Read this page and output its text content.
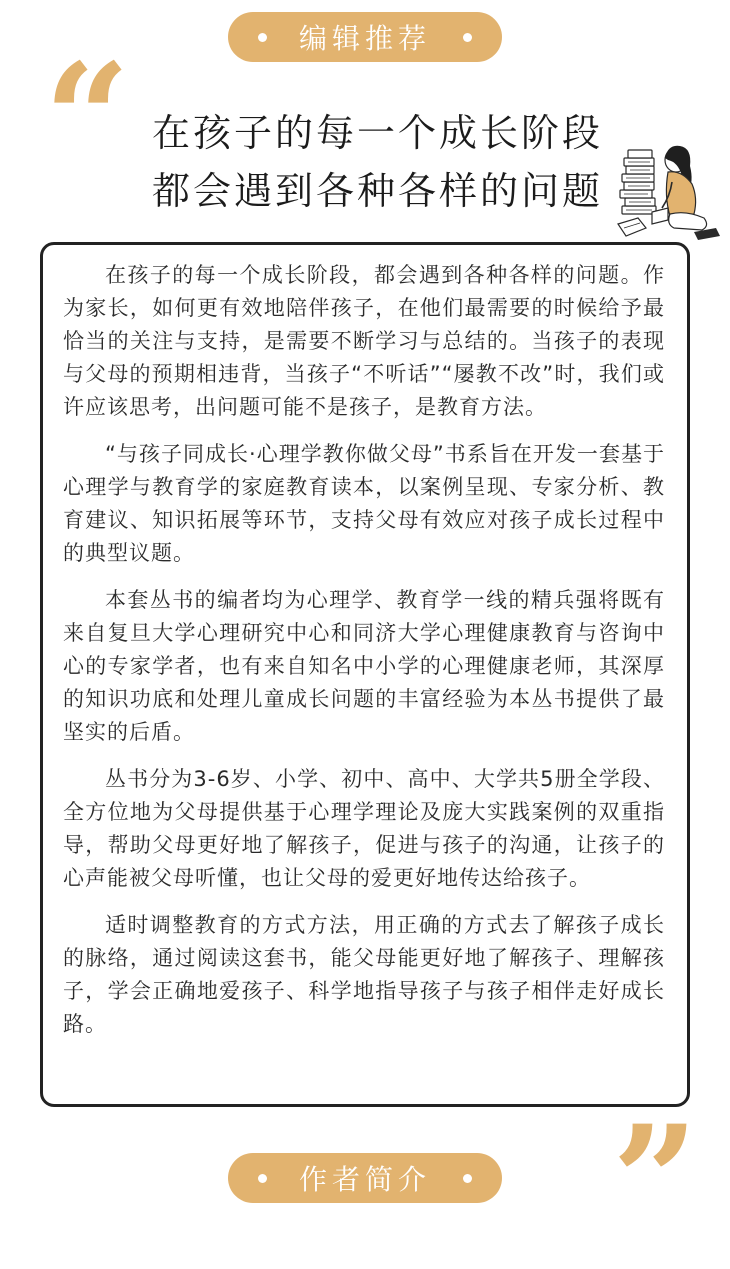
编辑推荐
“ 在孩子的每一个成长阶段
都会遇到各种各样的问题

在孩子的每一个成长阶段，都会遇到各种各样的问题。作为家长，如何更有效地陪伴孩子，在他们最需要的时候给予最恰当的关注与支持，是需要不断学习与总结的。当孩子的表现与父母的预期相违背，当孩子“不听话”“屡教不改”时，我们或许应该思考，出问题可能不是孩子，是教育方法。

“与孩子同成长·心理学教你做父母”书系旨在开发一套基于心理学与教育学的家庭教育读本，以案例呈现、专家分析、教育建议、知识拓展等环节，支持父母有效应对孩子成长过程中的典型议题。

本套丛书的编者均为心理学、教育学一线的精兵强将既有来自复旦大学心理研究中心和同济大学心理健康教育与咨询中心的专家学者，也有来自知名中小学的心理健康老师，其深厚的知识功底和处理儿童成长问题的丰富经验为本丛书提供了最坚实的后盾。

丛书分为3-6岁、小学、初中、高中、大学共5册全学段、全方位地为父母提供基于心理学理论及庞大实践案例的双重指导，帮助父母更好地了解孩子，促进与孩子的沟通，让孩子的心声能被父母听懂，也让父母的爱更好地传达给孩子。

适时调整教育的方式方法，用正确的方式去了解孩子成长的脉络，通过阅读这套书，能父母能更好地了解孩子、理解孩子，学会正确地爱孩子、科学地指导孩子与孩子相伴走好成长路。

”
作者简介
